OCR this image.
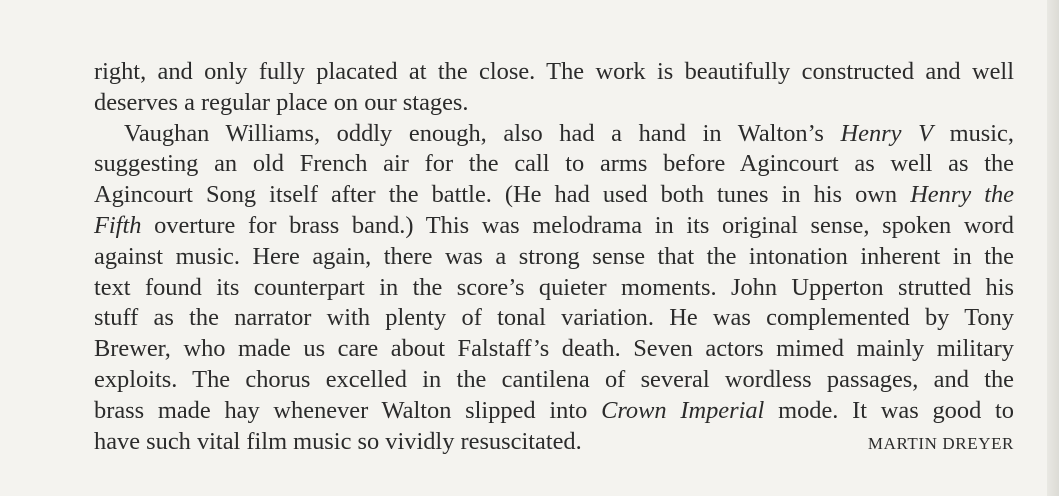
right, and only fully placated at the close. The work is beautifully constructed and well
deserves a regular place on our stages.
Vaughan Williams, oddly enough, also had a hand in Walton’s Henry V music,
suggesting an old French air for the call to arms before Agincourt as well as the
Agincourt Song itself after the battle. (He had used both tunes in his own Henry the
Fifth overture for brass band.) This was melodrama in its original sense, spoken word
against music. Here again, there was a strong sense that the intonation inherent in the
text found its counterpart in the score’s quieter moments. John Upperton strutted his
stuff as the narrator with plenty of tonal variation. He was complemented by Tony
Brewer, who made us care about Falstaff’s death. Seven actors mimed mainly military
exploits. The chorus excelled in the cantilena of several wordless passages, and the
brass made hay whenever Walton slipped into Crown Imperial mode. It was good to
have such vital film music so vividly resuscitated.	MARTIN DREYER
